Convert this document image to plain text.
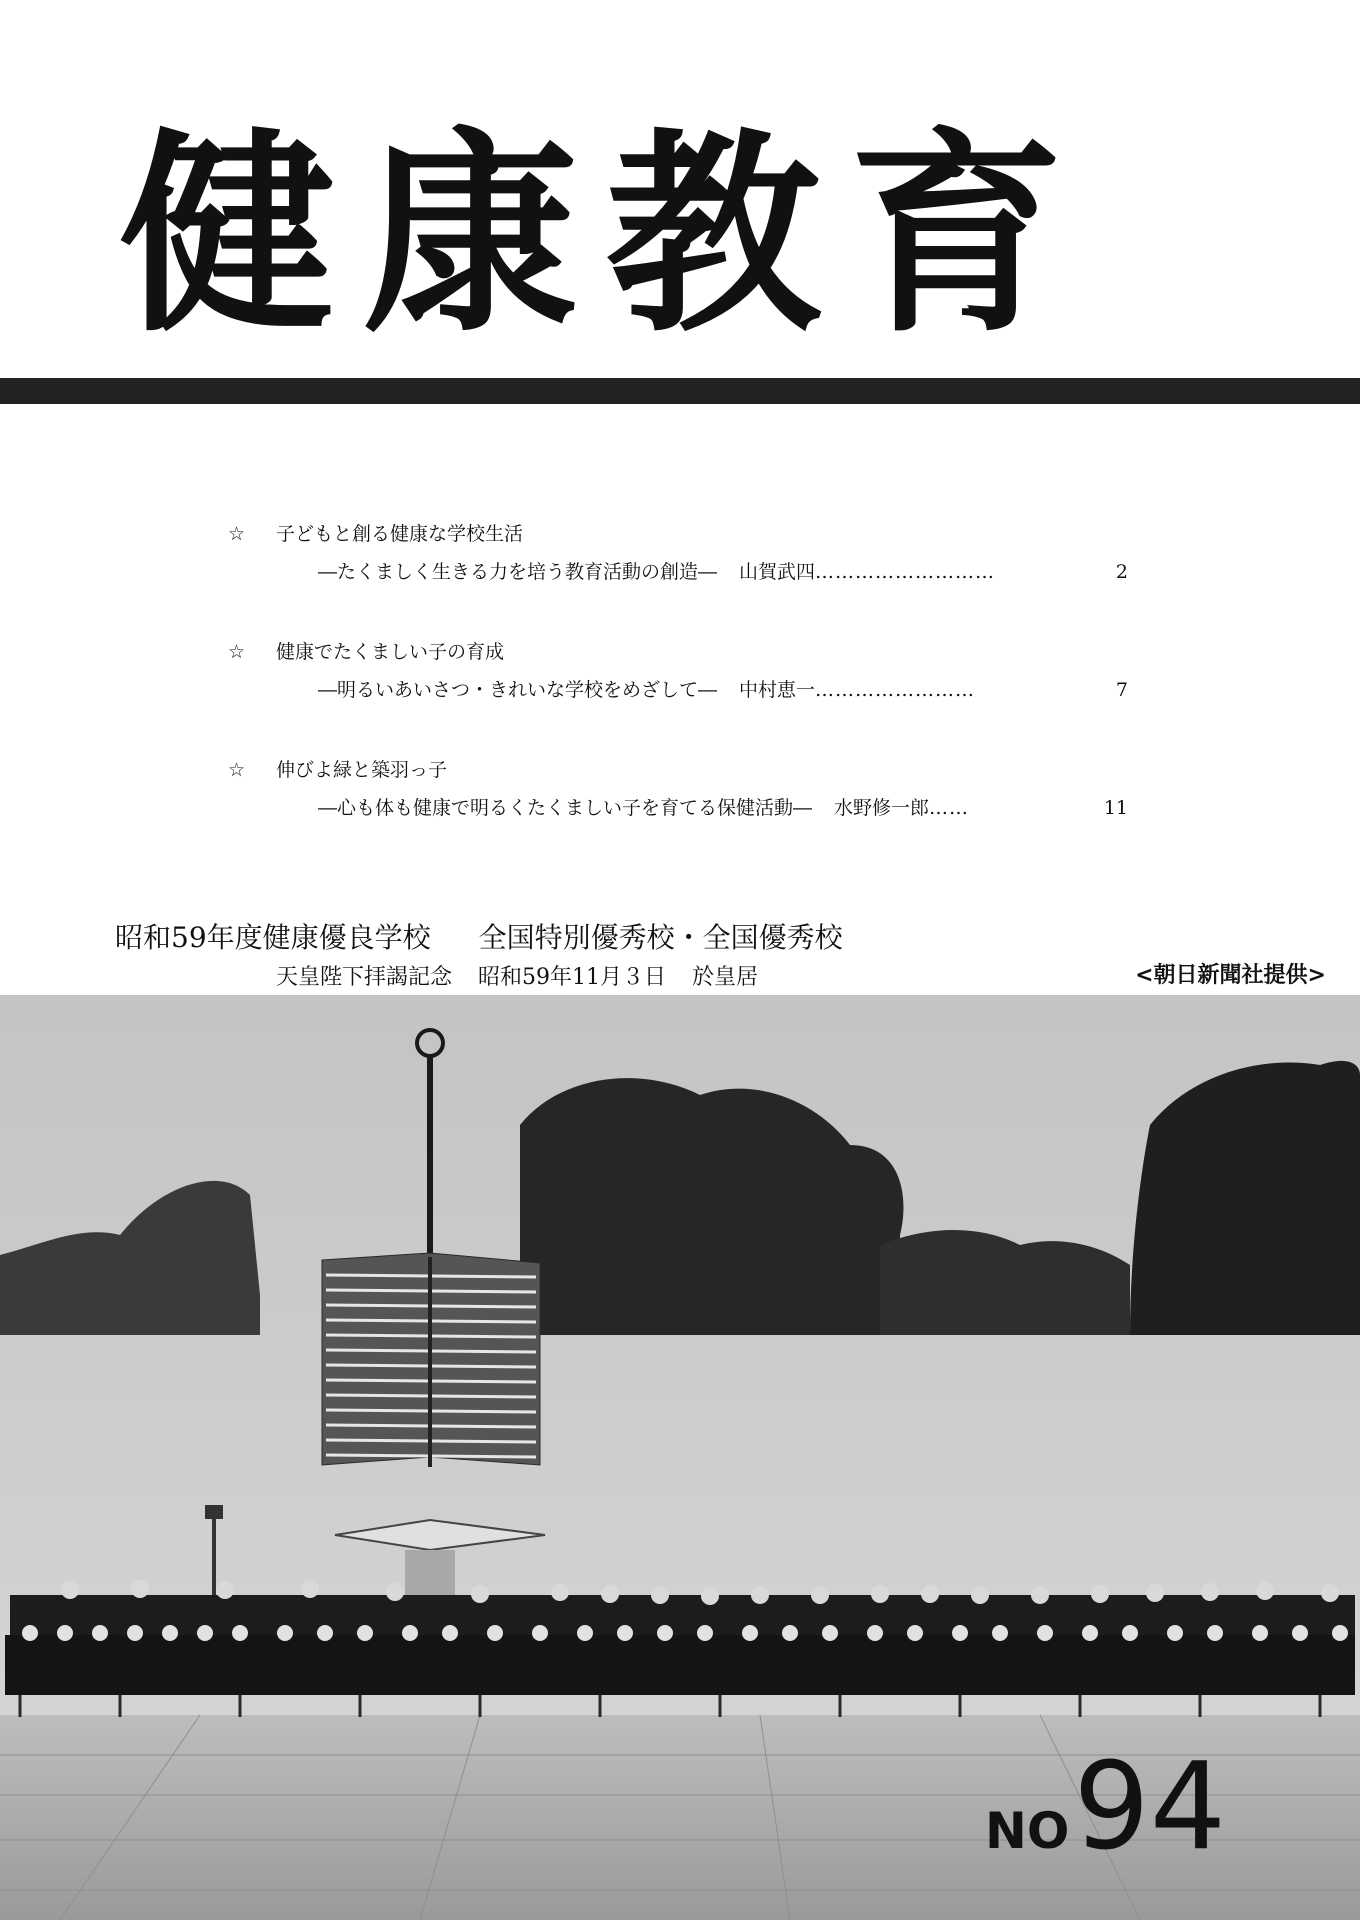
健康教育
☆ 子どもと創る健康な学校生活
―たくましく生きる力を培う教育活動の創造― 山賀武四 ………………………	2
☆ 健康でたくましい子の育成
―明るいあいさつ・きれいな学校をめざして― 中村恵一 ……………………	7
☆ 伸びよ緑と築羽っ子
―心も体も健康で明るくたくましい子を育てる保健活動― 水野修一郎 ……	11
昭和59年度健康優良学校 全国特別優秀校・全国優秀校
天皇陛下拝謁記念 昭和59年11月３日 於皇居	<朝日新聞社提供>
NO94
